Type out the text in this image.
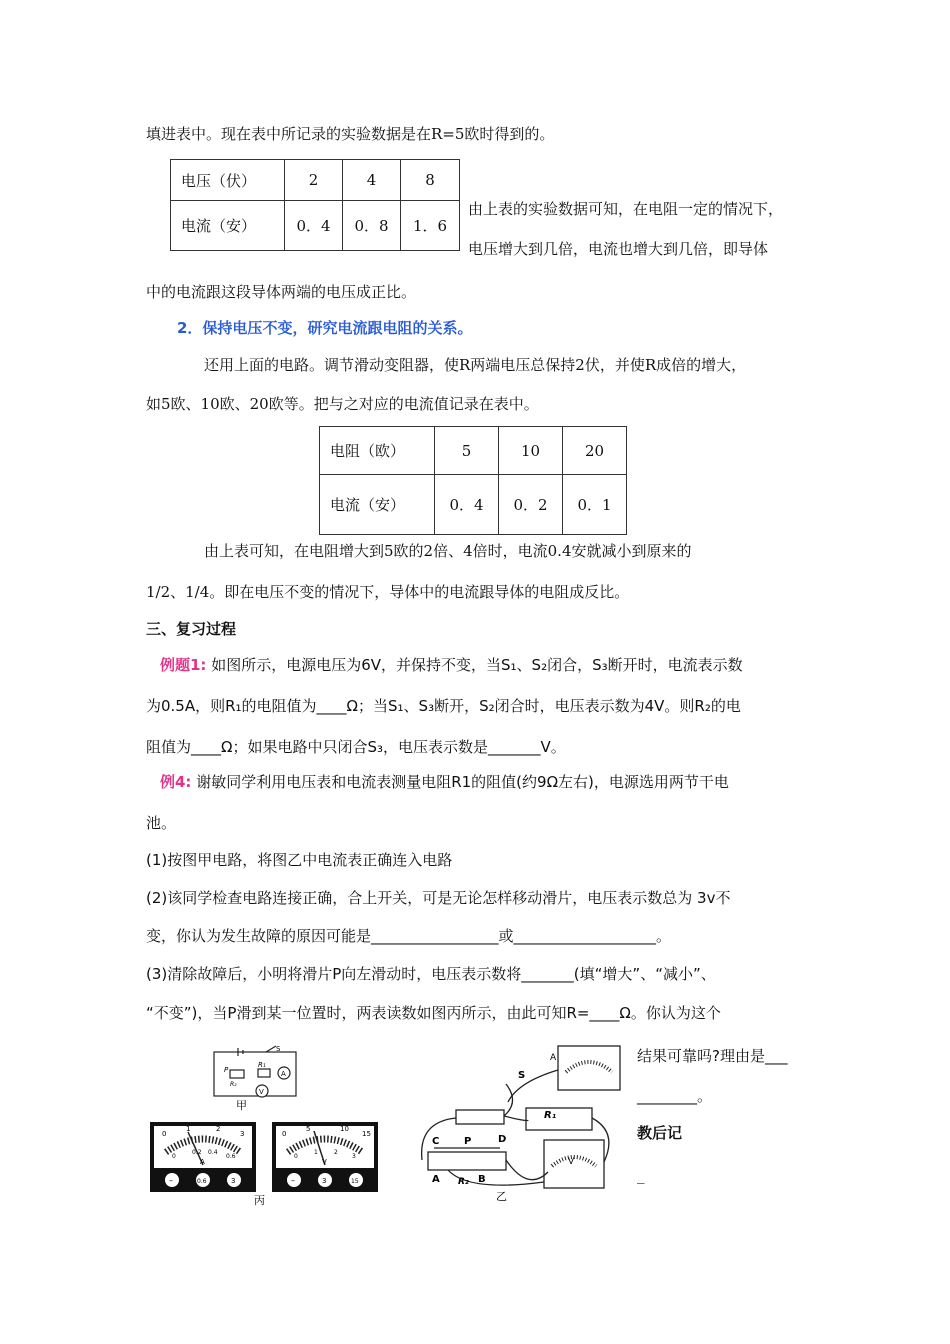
填进表中。现在表中所记录的实验数据是在R=5欧时得到的。
电压（伏）	2	4	8
电流（安）	0．4	0．8	1．6
由上表的实验数据可知，在电阻一定的情况下，
电压增大到几倍，电流也增大到几倍，即导体
中的电流跟这段导体两端的电压成正比。
2．保持电压不变，研究电流跟电阻的关系。
还用上面的电路。调节滑动变阻器，使R两端电压总保持2伏，并使R成倍的增大，
如5欧、10欧、20欧等。把与之对应的电流值记录在表中。
电阻（欧）	5	10	20
电流（安）	0．4	0．2	0．1
由上表可知，在电阻增大到5欧的2倍、4倍时，电流0.4安就减小到原来的
1/2、1/4。即在电压不变的情况下，导体中的电流跟导体的电阻成反比。
三、复习过程
例题1: 如图所示，电源电压为6V，并保持不变，当S₁、S₂闭合，S₃断开时，电流表示数
为0.5A，则R₁的电阻值为____Ω；当S₁、S₃断开，S₂闭合时，电压表示数为4V。则R₂的电
阻值为____Ω；如果电路中只闭合S₃，电压表示数是_______V。
例4: 谢敏同学利用电压表和电流表测量电阻R1的阻值(约9Ω左右)，电源选用两节干电
池。
(1)按图甲电路，将图乙中电流表正确连入电路
(2)该同学检查电路连接正确，合上开关，可是无论怎样移动滑片，电压表示数总为 3v不
变，你认为发生故障的原因可能是_________________或___________________。
(3)清除故障后，小明将滑片P向左滑动时，电压表示数将_______(填“增大”、“减小”、
“不变”)，当P滑到某一位置时，两表读数如图丙所示，由此可知R=____Ω。你认为这个
结果可靠吗?理由是___
________。
教后记
_
S
P
R₁
R₂
A
V
甲
0
1	2
3
0
0.2 0.4
0.6
A
–	0.6	3
0
5	10
15
0
1	2
3
V
–	3	15
丙
S
R₁
A
V
C P	D
A	B
R₂
乙
